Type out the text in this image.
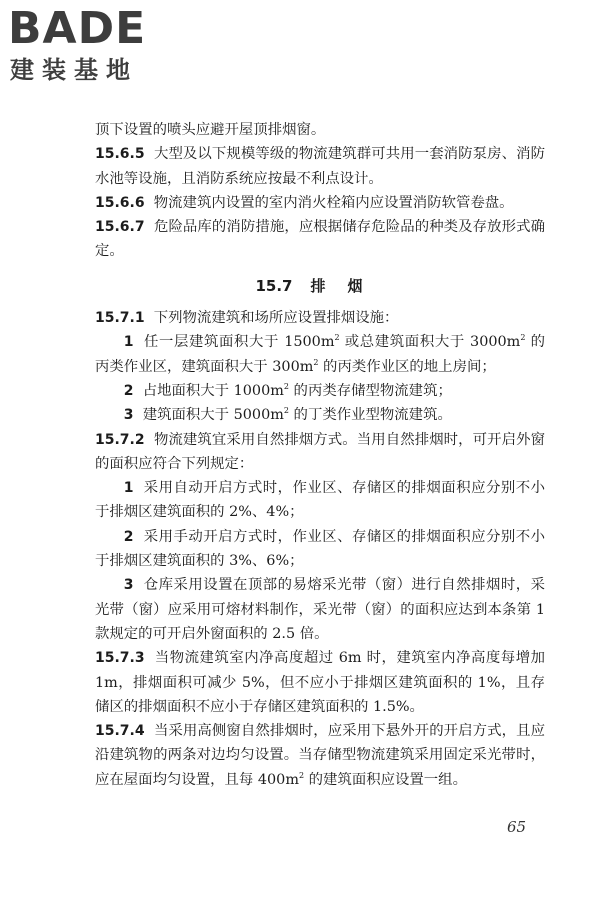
BADE
建装基地

顶下设置的喷头应避开屋顶排烟窗。

15.6.5 大型及以下规模等级的物流建筑群可共用一套消防泵房、消防水池等设施，且消防系统应按最不利点设计。

15.6.6 物流建筑内设置的室内消火栓箱内应设置消防软管卷盘。

15.6.7 危险品库的消防措施，应根据储存危险品的种类及存放形式确定。

15.7 排烟

15.7.1 下列物流建筑和场所应设置排烟设施：

1 任一层建筑面积大于 $1500m^2$ 或总建筑面积大于 $3000m^2$ 的丙类作业区，建筑面积大于 $300m^2$ 的丙类作业区的地上房间；

2 占地面积大于 $1000m^2$ 的丙类存储型物流建筑；

3 建筑面积大于 $5000m^2$ 的丁类作业型物流建筑。

15.7.2 物流建筑宜采用自然排烟方式。当用自然排烟时，可开启外窗的面积应符合下列规定：

1 采用自动开启方式时，作业区、存储区的排烟面积应分别不小于排烟区建筑面积的 2%、4%；

2 采用手动开启方式时，作业区、存储区的排烟面积应分别不小于排烟区建筑面积的 3%、6%；

3 仓库采用设置在顶部的易熔采光带（窗）进行自然排烟时，采光带（窗）应采用可熔材料制作，采光带（窗）的面积应达到本条第 1 款规定的可开启外窗面积的 2.5 倍。

15.7.3 当物流建筑室内净高度超过 6m 时，建筑室内净高度每增加 1m，排烟面积可减少 5%，但不应小于排烟区建筑面积的 1%，且存储区的排烟面积不应小于存储区建筑面积的 1.5%。

15.7.4 当采用高侧窗自然排烟时，应采用下悬外开的开启方式，且应沿建筑物的两条对边均匀设置。当存储型物流建筑采用固定采光带时，应在屋面均匀设置，且每 $400m^2$ 的建筑面积应设置一组。

65
